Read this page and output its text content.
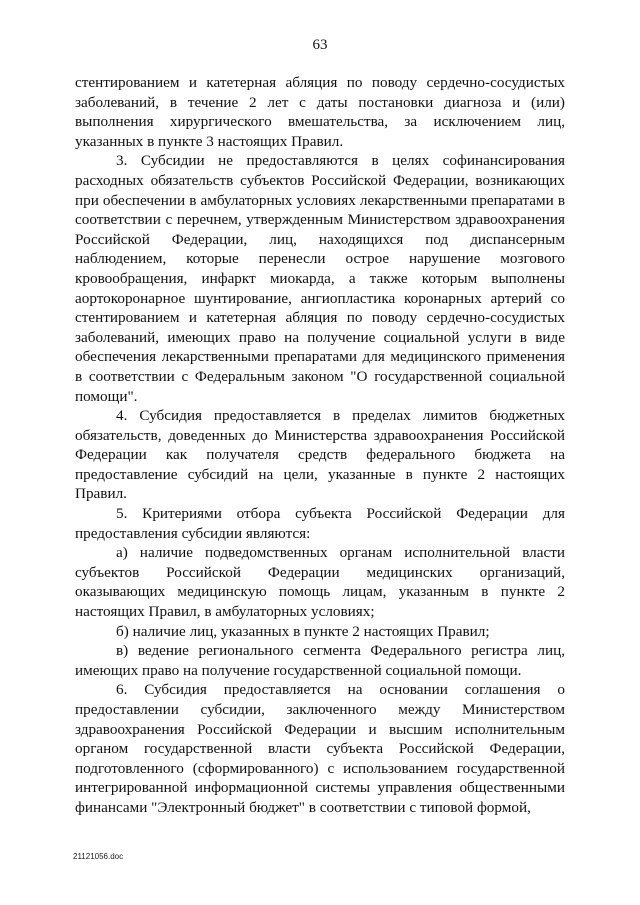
63

стентированием и катетерная абляция по поводу сердечно-сосудистых заболеваний, в течение 2 лет с даты постановки диагноза и (или) выполнения хирургического вмешательства, за исключением лиц, указанных в пункте 3 настоящих Правил.

3. Субсидии не предоставляются в целях софинансирования расходных обязательств субъектов Российской Федерации, возникающих при обеспечении в амбулаторных условиях лекарственными препаратами в соответствии с перечнем, утвержденным Министерством здравоохранения Российской Федерации, лиц, находящихся под диспансерным наблюдением, которые перенесли острое нарушение мозгового кровообращения, инфаркт миокарда, а также которым выполнены аортокоронарное шунтирование, ангиопластика коронарных артерий со стентированием и катетерная абляция по поводу сердечно-сосудистых заболеваний, имеющих право на получение социальной услуги в виде обеспечения лекарственными препаратами для медицинского применения в соответствии с Федеральным законом "О государственной социальной помощи".

4. Субсидия предоставляется в пределах лимитов бюджетных обязательств, доведенных до Министерства здравоохранения Российской Федерации как получателя средств федерального бюджета на предоставление субсидий на цели, указанные в пункте 2 настоящих Правил.

5. Критериями отбора субъекта Российской Федерации для предоставления субсидии являются:

а) наличие подведомственных органам исполнительной власти субъектов Российской Федерации медицинских организаций, оказывающих медицинскую помощь лицам, указанным в пункте 2 настоящих Правил, в амбулаторных условиях;

б) наличие лиц, указанных в пункте 2 настоящих Правил;

в) ведение регионального сегмента Федерального регистра лиц, имеющих право на получение государственной социальной помощи.

6. Субсидия предоставляется на основании соглашения о предоставлении субсидии, заключенного между Министерством здравоохранения Российской Федерации и высшим исполнительным органом государственной власти субъекта Российской Федерации, подготовленного (сформированного) с использованием государственной интегрированной информационной системы управления общественными финансами "Электронный бюджет" в соответствии с типовой формой,

21121056.doc
